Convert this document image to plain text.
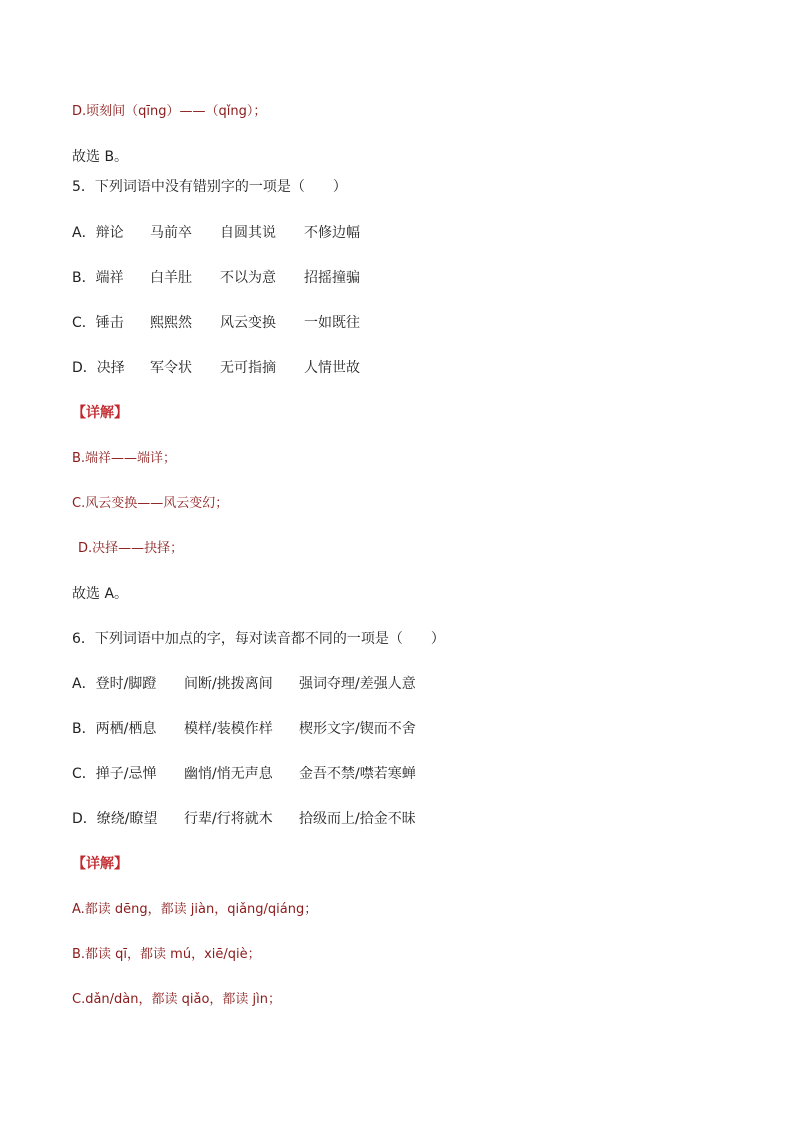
D.顷刻间（qīng）——（qǐng）；
故选 B。
5．下列词语中没有错别字的一项是（　　）
A．辩论 马前卒 自圆其说 不修边幅
B．端祥 白羊肚 不以为意 招摇撞骗
C．锤击 熙熙然 风云变换 一如既往
D．决择 军令状 无可指摘 人情世故
【详解】
B.端祥——端详；
C.风云变换——风云变幻；
D.决择——抉择；
故选 A。
6．下列词语中加点的字，每对读音都不同的一项是（　　）
A．登时/脚蹬 间断/挑拨离间 强词夺理/差强人意
B．两栖/栖息 模样/装模作样 楔形文字/锲而不舍
C．掸子/忌惮 幽悄/悄无声息 金吾不禁/噤若寒蝉
D．缭绕/瞭望 行辈/行将就木 拾级而上/拾金不昧
【详解】
A.都读 dēng，都读 jiàn，qiǎng/qiáng；
B.都读 qī，都读 mú，xiē/qiè；
C.dǎn/dàn，都读 qiǎo，都读 jìn；
